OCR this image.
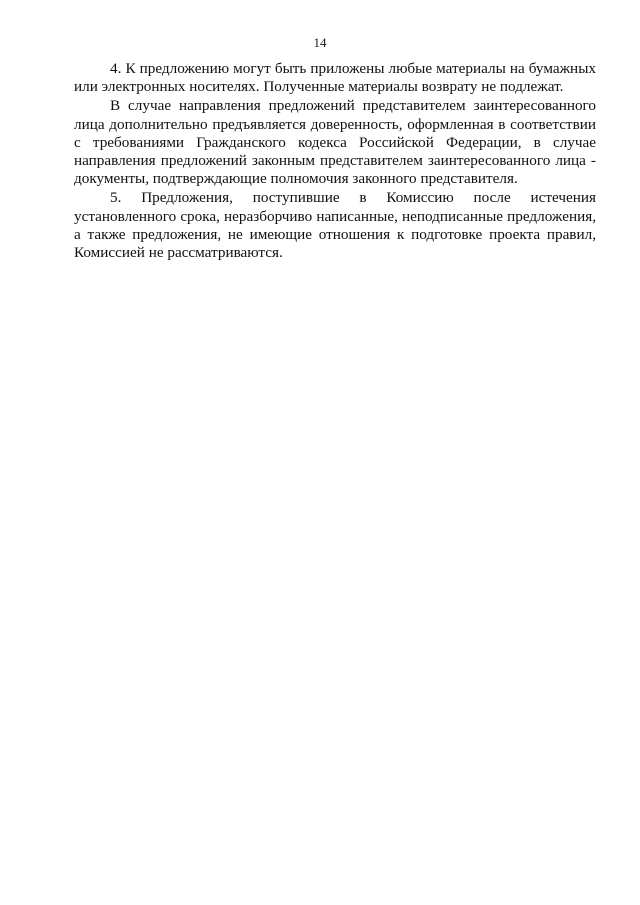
14

4. К предложению могут быть приложены любые материалы на бумажных или электронных носителях. Полученные материалы возврату не подлежат.

В случае направления предложений представителем заинтересованного лица дополнительно предъявляется доверенность, оформленная в соответствии с требованиями Гражданского кодекса Российской Федерации, в случае направления предложений законным представителем заинтересованного лица - документы, подтверждающие полномочия законного представителя.

5. Предложения, поступившие в Комиссию после истечения установленного срока, неразборчиво написанные, неподписанные предложения, а также предложения, не имеющие отношения к подготовке проекта правил, Комиссией не рассматриваются.
